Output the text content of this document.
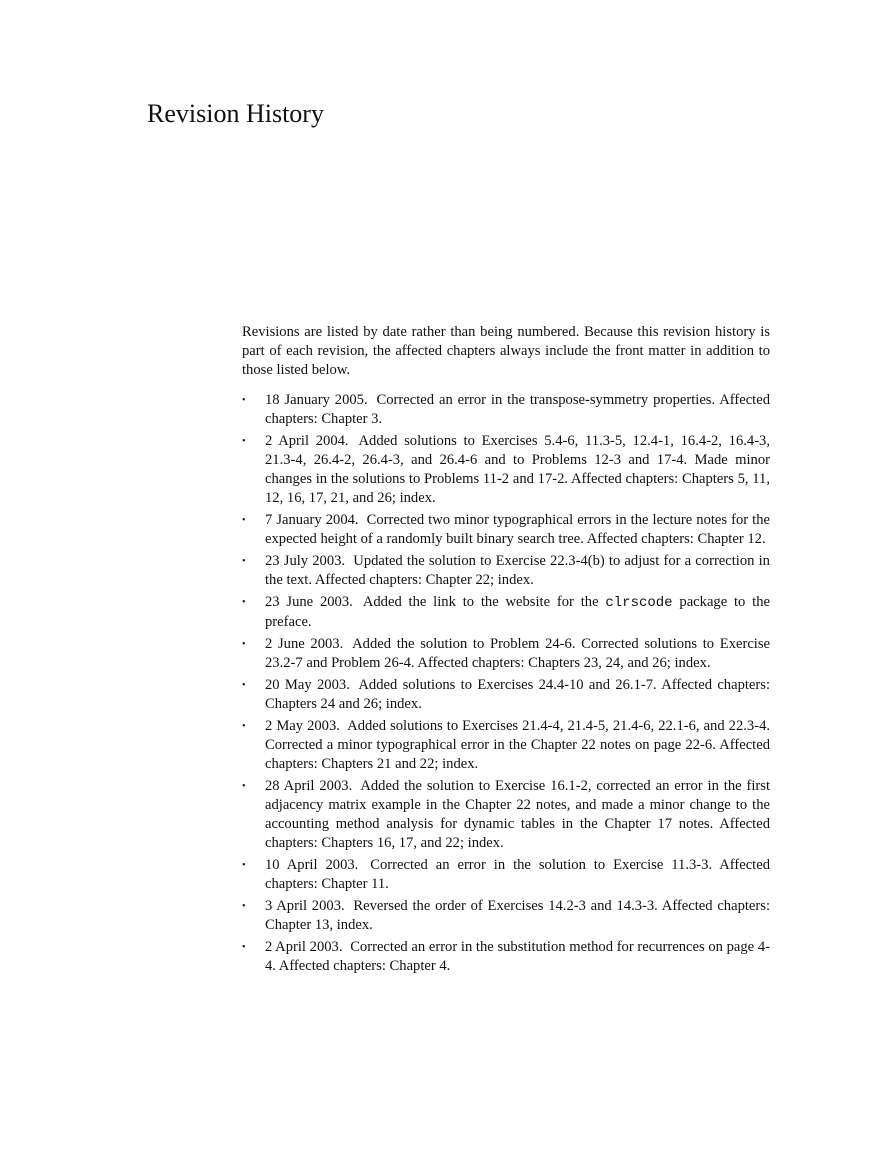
Revision History

Revisions are listed by date rather than being numbered. Because this revision history is part of each revision, the affected chapters always include the front matter in addition to those listed below.

•	18 January 2005. Corrected an error in the transpose-symmetry properties. Affected chapters: Chapter 3.
•	2 April 2004. Added solutions to Exercises 5.4-6, 11.3-5, 12.4-1, 16.4-2, 16.4-3, 21.3-4, 26.4-2, 26.4-3, and 26.4-6 and to Problems 12-3 and 17-4. Made minor changes in the solutions to Problems 11-2 and 17-2. Affected chapters: Chapters 5, 11, 12, 16, 17, 21, and 26; index.
•	7 January 2004. Corrected two minor typographical errors in the lecture notes for the expected height of a randomly built binary search tree. Affected chapters: Chapter 12.
•	23 July 2003. Updated the solution to Exercise 22.3-4(b) to adjust for a correction in the text. Affected chapters: Chapter 22; index.
•	23 June 2003. Added the link to the website for the clrscode package to the preface.
•	2 June 2003. Added the solution to Problem 24-6. Corrected solutions to Exercise 23.2-7 and Problem 26-4. Affected chapters: Chapters 23, 24, and 26; index.
•	20 May 2003. Added solutions to Exercises 24.4-10 and 26.1-7. Affected chapters: Chapters 24 and 26; index.
•	2 May 2003. Added solutions to Exercises 21.4-4, 21.4-5, 21.4-6, 22.1-6, and 22.3-4. Corrected a minor typographical error in the Chapter 22 notes on page 22-6. Affected chapters: Chapters 21 and 22; index.
•	28 April 2003. Added the solution to Exercise 16.1-2, corrected an error in the first adjacency matrix example in the Chapter 22 notes, and made a minor change to the accounting method analysis for dynamic tables in the Chapter 17 notes. Affected chapters: Chapters 16, 17, and 22; index.
•	10 April 2003. Corrected an error in the solution to Exercise 11.3-3. Affected chapters: Chapter 11.
•	3 April 2003. Reversed the order of Exercises 14.2-3 and 14.3-3. Affected chapters: Chapter 13, index.
•	2 April 2003. Corrected an error in the substitution method for recurrences on page 4-4. Affected chapters: Chapter 4.
